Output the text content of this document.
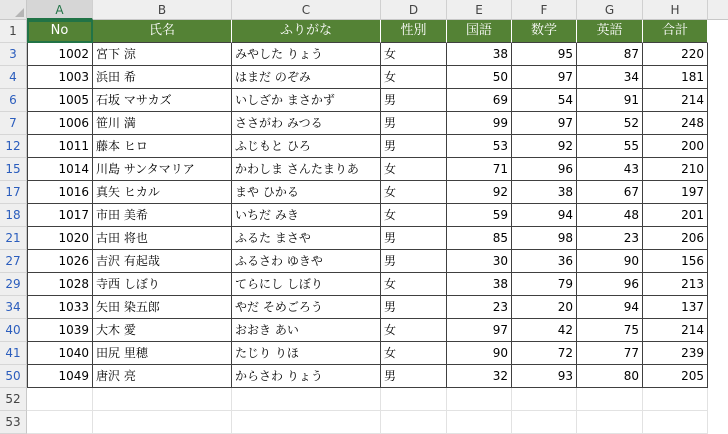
A	B	C	D	E	F	G	H
1
3
4
6
7
12
15
17
18
21
27
29
34
40
41
50
52
53
No	氏名	ふりがな	性別	国語	数学	英語	合計
1002 宮下 涼	みやした りょう	女	38	95	87	220
1003 浜田 希	はまだ のぞみ	女	50	97	34	181
1005 石坂 マサカズ	いしざか まさかず	男	69	54	91	214
1006 笹川 満	ささがわ みつる	男	99	97	52	248
1011 藤本 ヒロ	ふじもと ひろ	男	53	92	55	200
1014 川島 サンタマリア	かわしま さんたまりあ	女	71	96	43	210
1016 真矢 ヒカル	まや ひかる	女	92	38	67	197
1017 市田 美希	いちだ みき	女	59	94	48	201
1020 古田 将也	ふるた まさや	男	85	98	23	206
1026 吉沢 有起哉	ふるさわ ゆきや	男	30	36	90	156
1028 寺西 しぼり	てらにし しぼり	女	38	79	96	213
1033 矢田 染五郎	やだ そめごろう	男	23	20	94	137
1039 大木 愛	おおき あい	女	97	42	75	214
1040 田尻 里穂	たじり りほ	女	90	72	77	239
1049 唐沢 亮	からさわ りょう	男	32	93	80	205
